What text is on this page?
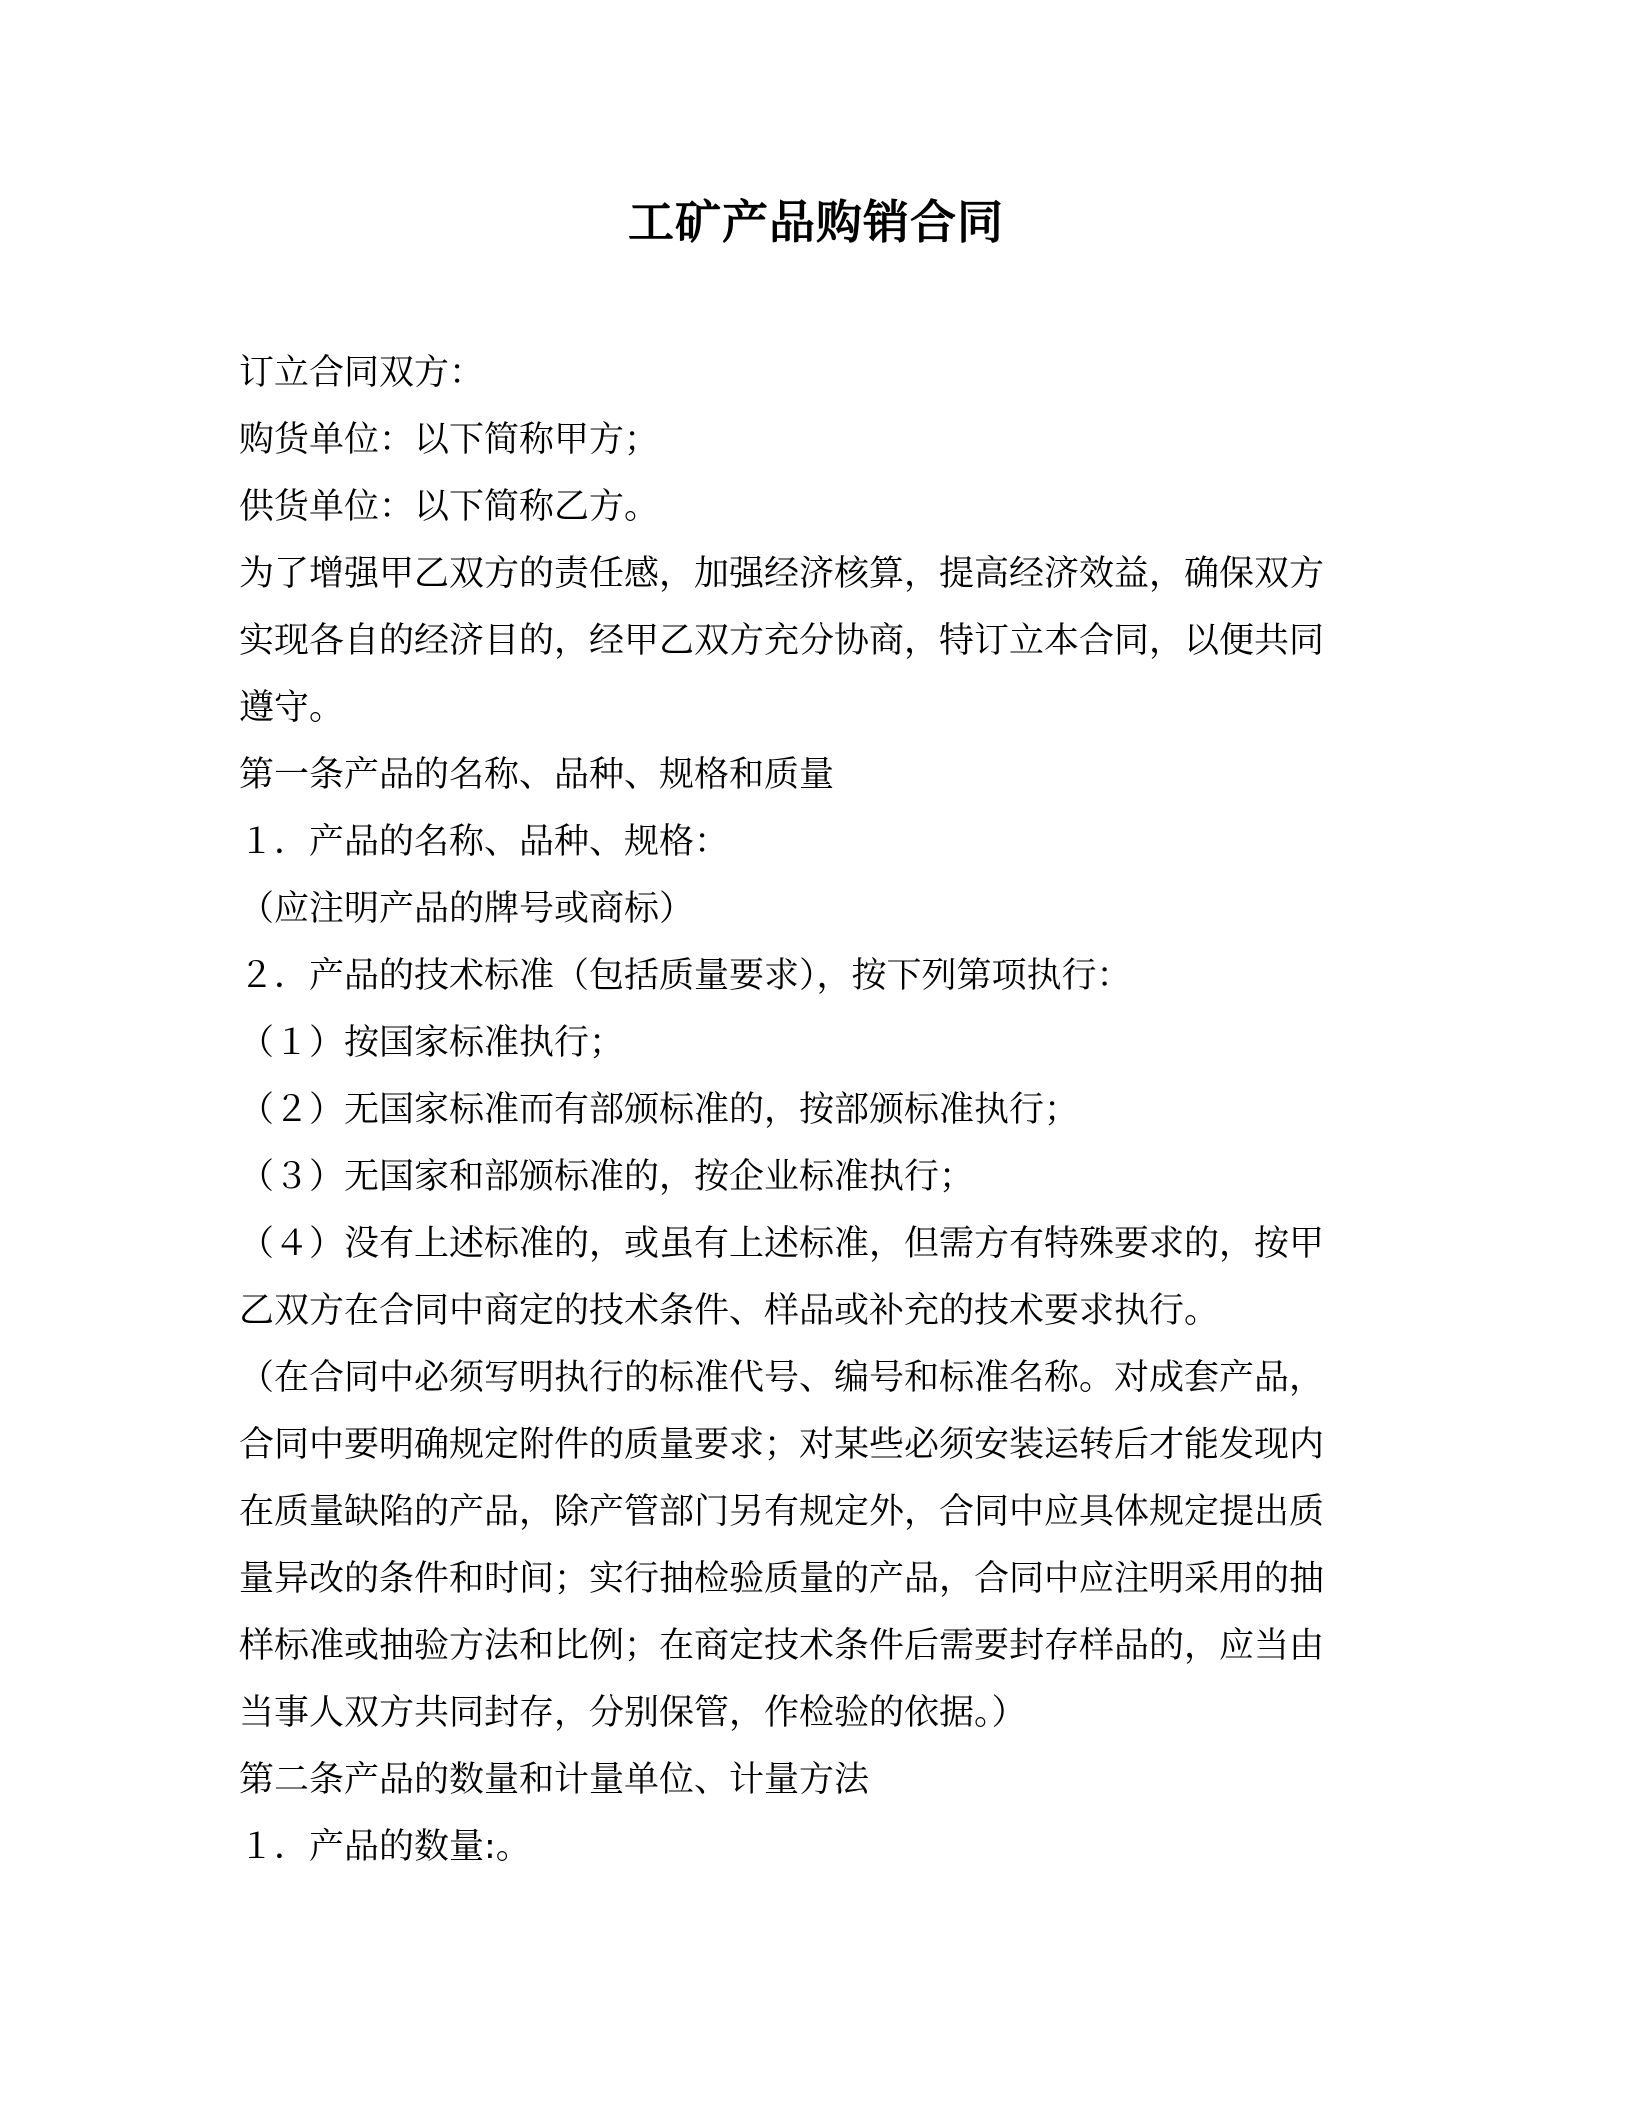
工矿产品购销合同
订立合同双方：
购货单位：以下简称甲方；
供货单位：以下简称乙方。
为了增强甲乙双方的责任感，加强经济核算，提高经济效益，确保双方
实现各自的经济目的，经甲乙双方充分协商，特订立本合同，以便共同
遵守。
第一条产品的名称、品种、规格和质量
１．产品的名称、品种、规格：
（应注明产品的牌号或商标）
２．产品的技术标准（包括质量要求），按下列第项执行：
（１）按国家标准执行；
（２）无国家标准而有部颁标准的，按部颁标准执行；
（３）无国家和部颁标准的，按企业标准执行；
（４）没有上述标准的，或虽有上述标准，但需方有特殊要求的，按甲
乙双方在合同中商定的技术条件、样品或补充的技术要求执行。
（在合同中必须写明执行的标准代号、编号和标准名称。对成套产品，
合同中要明确规定附件的质量要求；对某些必须安装运转后才能发现内
在质量缺陷的产品，除产管部门另有规定外，合同中应具体规定提出质
量异改的条件和时间；实行抽检验质量的产品，合同中应注明采用的抽
样标准或抽验方法和比例；在商定技术条件后需要封存样品的，应当由
当事人双方共同封存，分别保管，作检验的依据。）
第二条产品的数量和计量单位、计量方法
１．产品的数量:。
